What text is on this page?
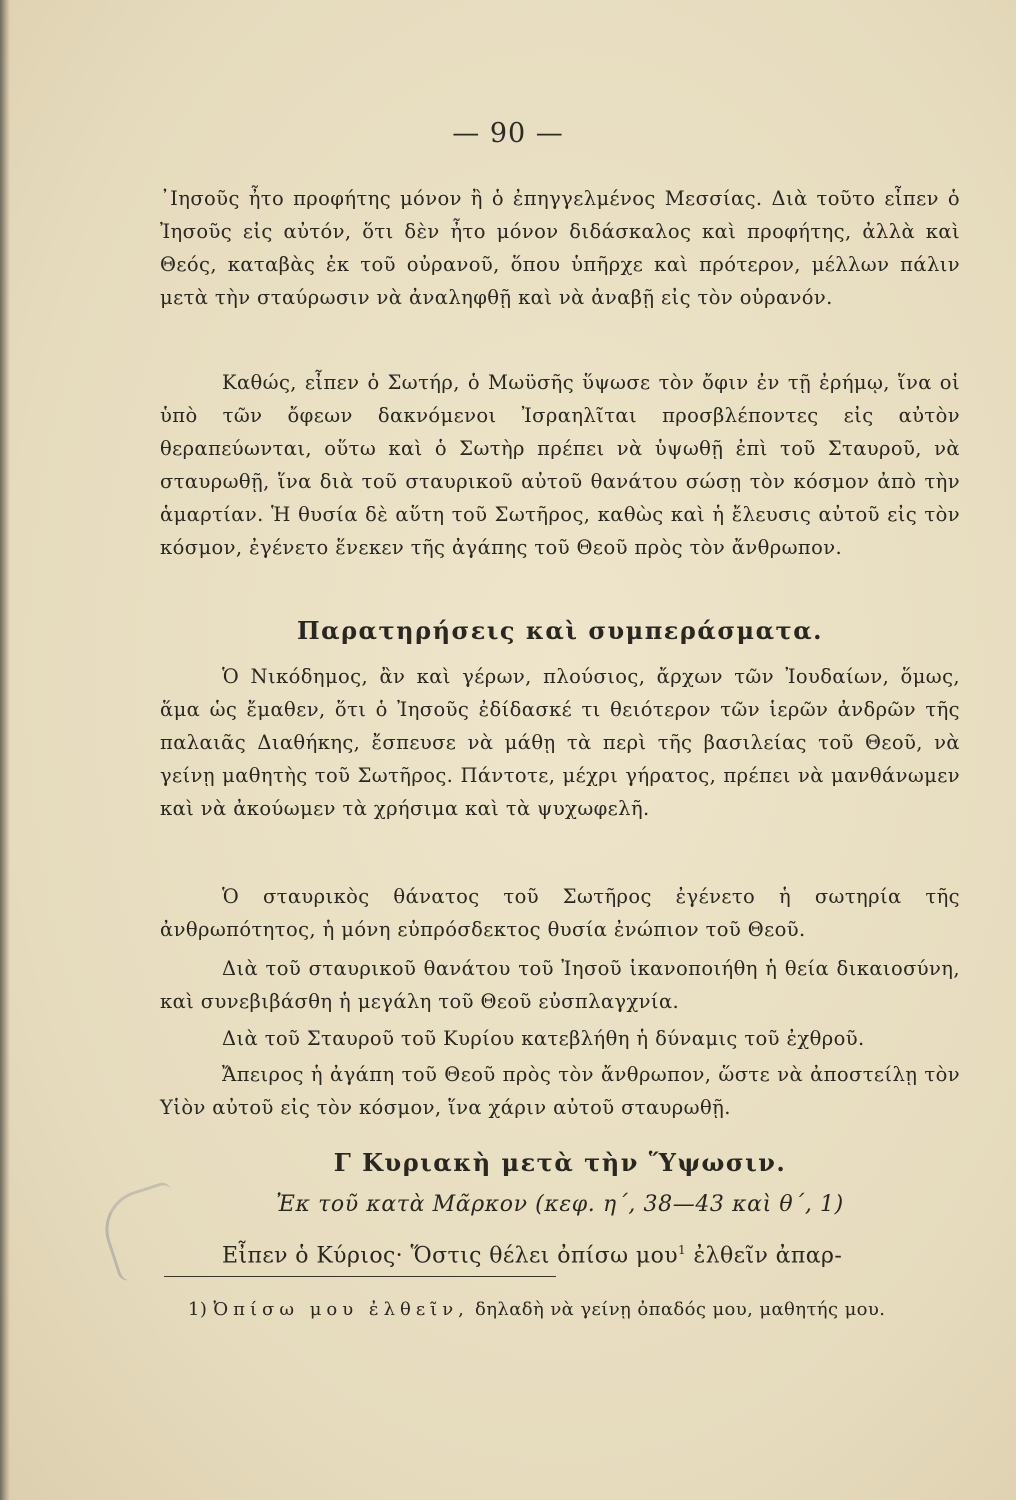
— 90 —

᾽Ιησοῦς ἦτο προφήτης μόνον ἢ ὁ ἐπηγγελμένος Μεσσίας. Διὰ τοῦτο εἶπεν ὁ Ἰησοῦς εἰς αὐτόν, ὅτι δὲν ἦτο μόνον διδάσκαλος καὶ προφήτης, ἀλλὰ καὶ Θεός, καταβὰς ἐκ τοῦ οὐρανοῦ, ὅπου ὑπῆρχε καὶ πρότερον, μέλλων πάλιν μετὰ τὴν σταύρωσιν νὰ ἀναληφθῇ καὶ νὰ ἀναβῇ εἰς τὸν οὐρανόν.

Καθώς, εἶπεν ὁ Σωτήρ, ὁ Μωϋσῆς ὕψωσε τὸν ὄφιν ἐν τῇ ἐρήμῳ, ἵνα οἱ ὑπὸ τῶν ὄφεων δακνόμενοι Ἰσραηλῖται προσβλέποντες εἰς αὐτὸν θεραπεύωνται, οὕτω καὶ ὁ Σωτὴρ πρέπει νὰ ὑψωθῇ ἐπὶ τοῦ Σταυροῦ, νὰ σταυρωθῇ, ἵνα διὰ τοῦ σταυρικοῦ αὐτοῦ θανάτου σώσῃ τὸν κόσμον ἀπὸ τὴν ἁμαρτίαν. Ἡ θυσία δὲ αὕτη τοῦ Σωτῆρος, καθὼς καὶ ἡ ἔλευσις αὐτοῦ εἰς τὸν κόσμον, ἐγένετο ἕνεκεν τῆς ἀγάπης τοῦ Θεοῦ πρὸς τὸν ἄνθρωπον.

Παρατηρήσεις καὶ συμπεράσματα.

Ὁ Νικόδημος, ἂν καὶ γέρων, πλούσιος, ἄρχων τῶν Ἰουδαίων, ὅμως, ἅμα ὡς ἔμαθεν, ὅτι ὁ Ἰησοῦς ἐδίδασκέ τι θειότερον τῶν ἱερῶν ἀνδρῶν τῆς παλαιᾶς Διαθήκης, ἔσπευσε νὰ μάθῃ τὰ περὶ τῆς βασιλείας τοῦ Θεοῦ, νὰ γείνῃ μαθητὴς τοῦ Σωτῆρος. Πάντοτε, μέχρι γήρατος, πρέπει νὰ μανθάνωμεν καὶ νὰ ἀκούωμεν τὰ χρήσιμα καὶ τὰ ψυχωφελῆ.

Ὁ σταυρικὸς θάνατος τοῦ Σωτῆρος ἐγένετο ἡ σωτηρία τῆς ἀνθρωπότητος, ἡ μόνη εὐπρόσδεκτος θυσία ἐνώπιον τοῦ Θεοῦ.

Διὰ τοῦ σταυρικοῦ θανάτου τοῦ Ἰησοῦ ἱκανοποιήθη ἡ θεία δικαιοσύνη, καὶ συνεβιβάσθη ἡ μεγάλη τοῦ Θεοῦ εὐσπλαγχνία.

Διὰ τοῦ Σταυροῦ τοῦ Κυρίου κατεβλήθη ἡ δύναμις τοῦ ἐχθροῦ.

Ἄπειρος ἡ ἀγάπη τοῦ Θεοῦ πρὸς τὸν ἄνθρωπον, ὥστε νὰ ἀποστείλῃ τὸν Υἱὸν αὐτοῦ εἰς τὸν κόσμον, ἵνα χάριν αὐτοῦ σταυρωθῇ.

Γ Κυριακὴ μετὰ τὴν Ὕψωσιν.
Ἐκ τοῦ κατὰ Μᾶρκον (κεφ. η΄, 38—43 καὶ θ΄, 1)

Εἶπεν ὁ Κύριος· Ὅστις θέλει ὀπίσω μου$^1$ ἐλθεῖν ἀπαρ-

1) Ὀπίσω μου ἐλθεῖν, δηλαδὴ νὰ γείνῃ ὀπαδός μου, μαθητής μου.
